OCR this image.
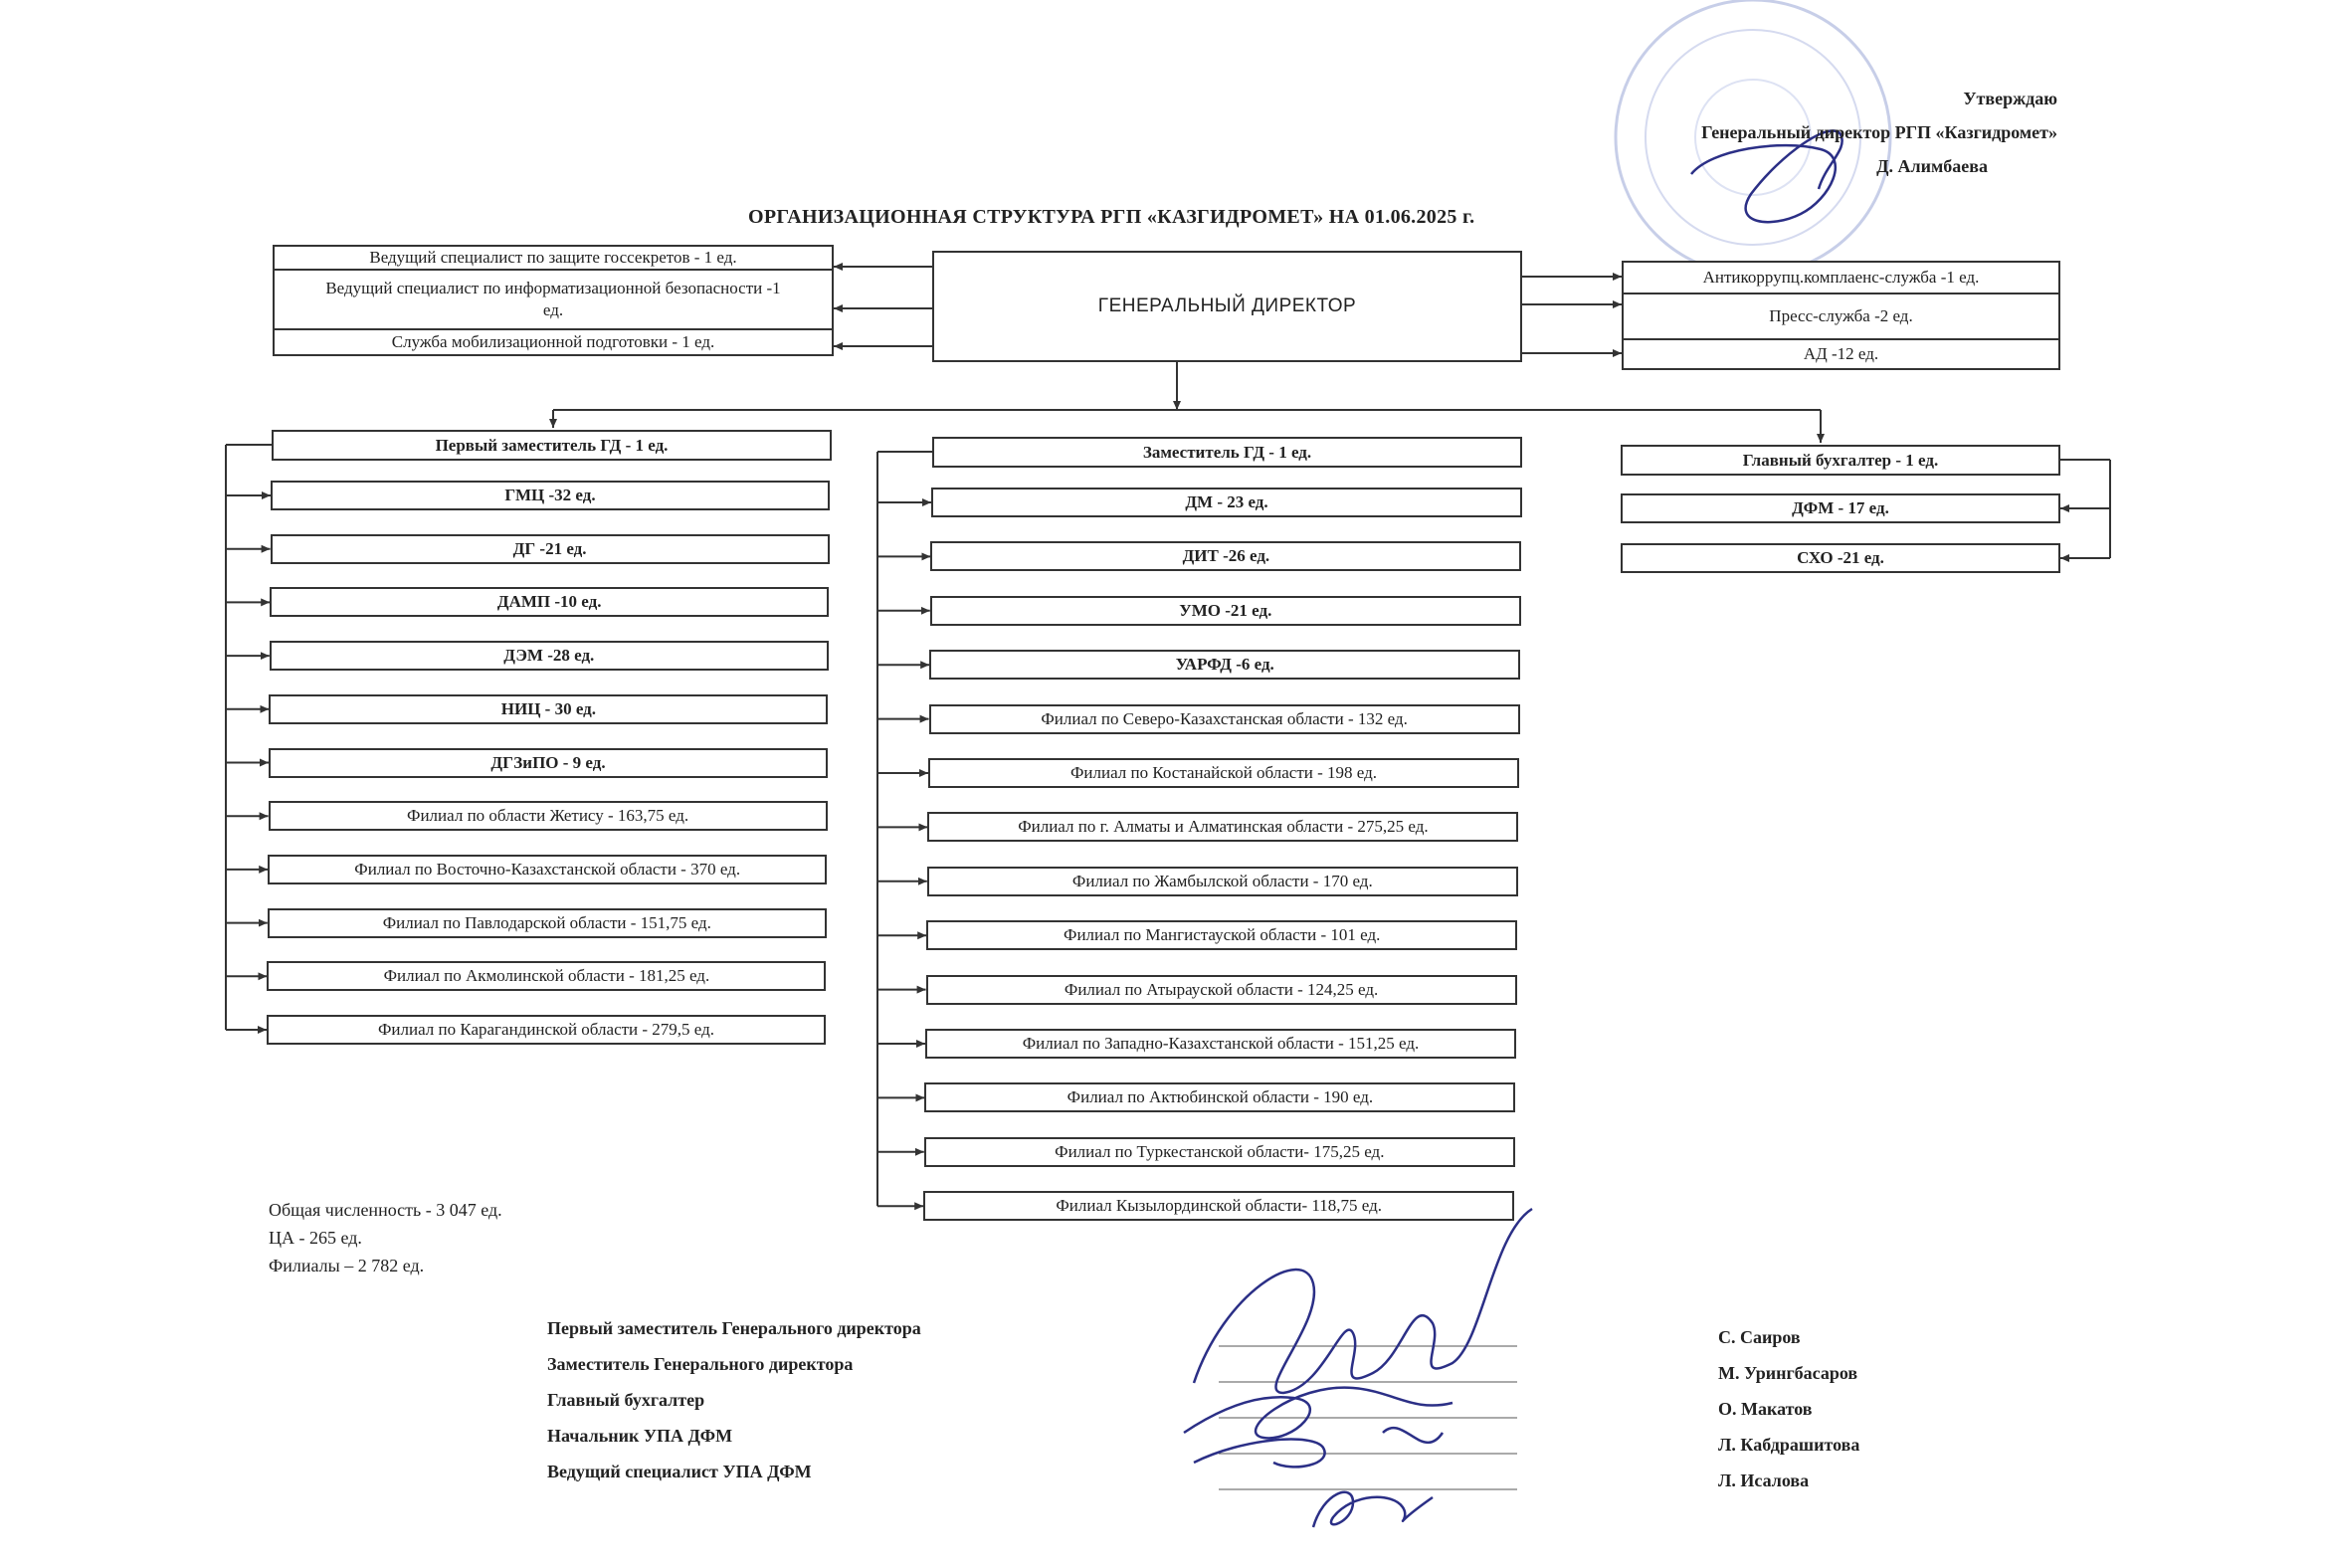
Утверждаю
Генеральный директор РГП «Казгидромет»
Д. Алимбаева
ОРГАНИЗАЦИОННАЯ СТРУКТУРА РГП «КАЗГИДРОМЕТ» НА 01.06.2025 г.
Ведущий специалист по защите госсекретов - 1 ед.
Ведущий специалист по информатизационной безопасности -1 ед.
Служба мобилизационной подготовки - 1 ед.
ГЕНЕРАЛЬНЫЙ ДИРЕКТОР
Антикоррупц.комплаенс-служба -1 ед.
Пресс-служба -2 ед.
АД -12 ед.
Первый заместитель ГД - 1 ед.	Заместитель ГД - 1 ед.	Главный бухгалтер - 1 ед.
ГМЦ -32 ед.
ДГ -21 ед.
ДАМП -10 ед.
ДЭМ -28 ед.
НИЦ - 30 ед.
ДГЗиПО - 9 ед.
Филиал по области Жетису - 163,75 ед.
Филиал по Восточно-Казахстанской области - 370 ед.
Филиал по Павлодарской области - 151,75 ед.
Филиал по Акмолинской области - 181,25 ед.
Филиал по Карагандинской области - 279,5 ед.
ДМ - 23 ед.
ДИТ -26 ед.
УМО -21 ед.
УАРФД -6 ед.
Филиал по Северо-Казахстанская области - 132 ед.
Филиал по Костанайской области - 198 ед.
Филиал по г. Алматы и Алматинская области - 275,25 ед.
Филиал по Жамбылской области - 170 ед.
Филиал по Мангистауской области - 101 ед.
Филиал по Атырауской области - 124,25 ед.
Филиал по Западно-Казахстанской области - 151,25 ед.
Филиал по Актюбинской области - 190 ед.
Филиал по Туркестанской области- 175,25 ед.
Филиал Кызылординской области- 118,75 ед.
ДФМ - 17 ед.
СХО -21 ед.
Общая численность - 3 047 ед.
ЦА - 265 ед.
Филиалы – 2 782 ед.
Первый заместитель Генерального директора
Заместитель Генерального директора
Главный бухгалтер
Начальник УПА ДФМ
Ведущий специалист УПА ДФМ
С. Саиров
М. Урингбасаров
О. Макатов
Л. Кабдрашитова
Л. Исалова
